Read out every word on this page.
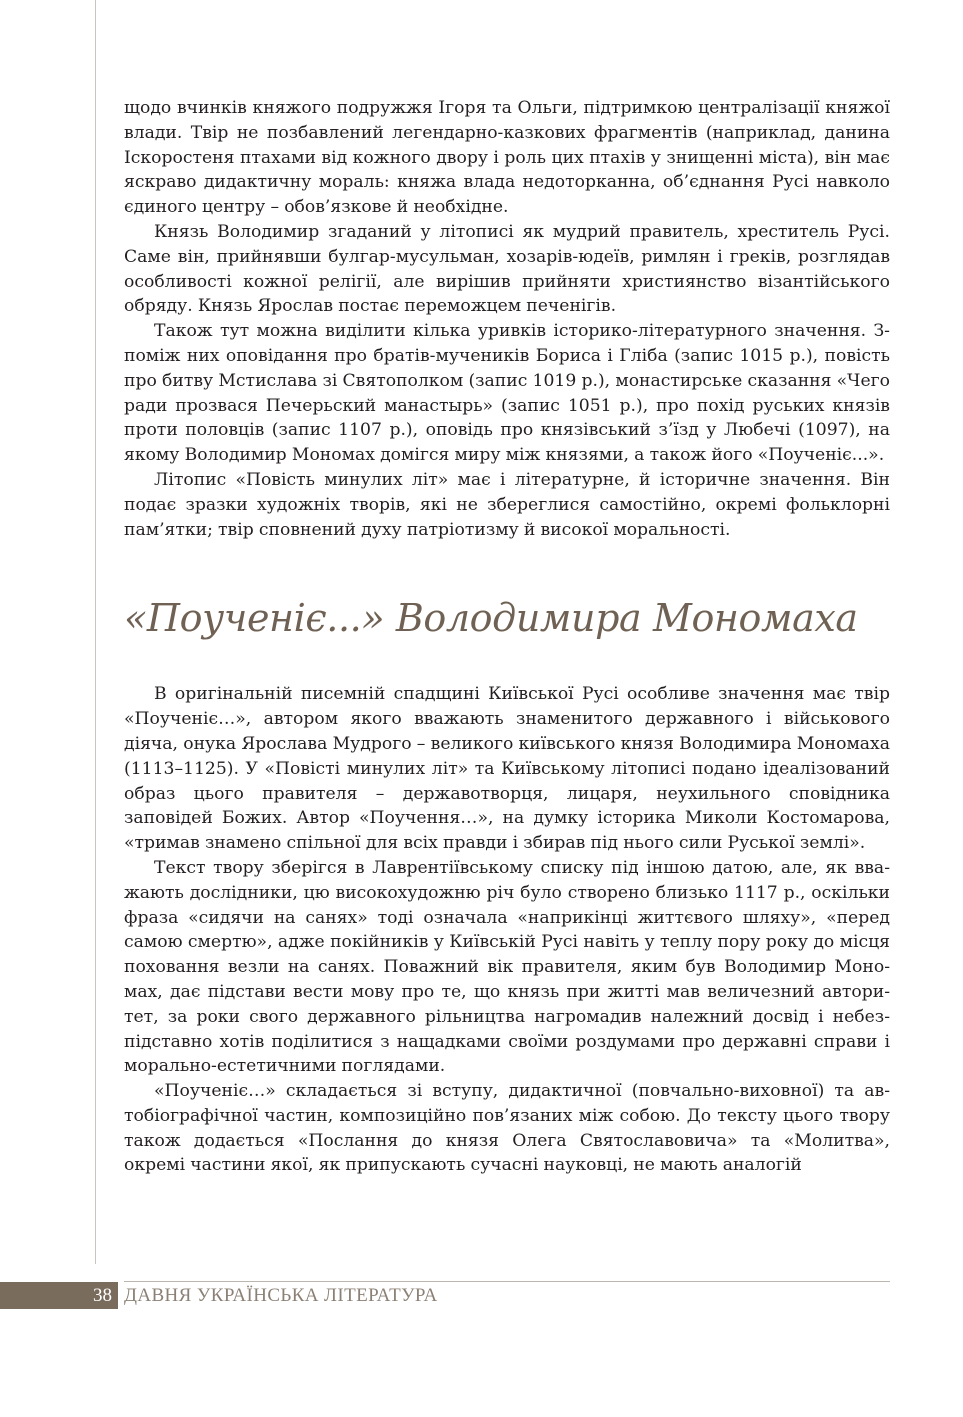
щодо вчинків княжого подружжя Ігоря та Ольги, підтримкою централізації княжої влади. Твір не позбавлений легендарно-казкових фрагментів (наприклад, данина Іскоростеня птахами від кожного двору і роль цих птахів у знищенні міста), він має яскраво дидактичну мораль: княжа влада недоторканна, об’єднання Русі навколо єдиного центру – обов’язкове й необхідне.

Князь Володимир згаданий у літописі як мудрий правитель, хреститель Русі. Саме він, прийнявши булгар-мусульман, хозарів-юдеїв, римлян і греків, розглядав особливості кожної релігії, але вирішив прийняти християнство візантійського обряду. Князь Ярослав постає переможцем печенігів.

Також тут можна виділити кілька уривків історико-літературного значення. З-поміж них оповідання про братів-мучеників Бориса і Гліба (запис 1015 р.), повість про битву Мстислава зі Святополком (запис 1019 р.), монастирське сказання «Чего ради прозвася Печерьский манастырь» (запис 1051 р.), про похід руських князів проти половців (запис 1107 р.), оповідь про князівський з’їзд у Любечі (1097), на якому Володимир Мономах домігся миру між князями, а також його «Поученіє...».

Літопис «Повість минулих літ» має і літературне, й історичне значення. Він подає зразки художніх творів, які не збереглися самостійно, окремі фольклорні пам’ятки; твір сповнений духу патріотизму й високої моральності.

«Поученіє...» Володимира Мономаха

В оригінальній писемній спадщині Київської Русі особливе значення має твір «Поученіє…», автором якого вважають знаменитого державного і військового діяча, онука Ярослава Мудрого – великого київського князя Володимира Мономаха (1113–1125). У «Повісті минулих літ» та Київському літописі подано ідеалізований образ цього правителя – державотворця, лицаря, неухильного сповідника заповідей Божих. Автор «Поучення…», на думку історика Миколи Костомарова, «тримав знамено спільної для всіх правди і збирав під нього сили Руської землі».

Текст твору зберігся в Лаврентіївському списку під іншою датою, але, як вважають дослідники, цю високохудожню річ було створено близько 1117 р., оскільки фраза «сидячи на санях» тоді означала «наприкінці життєвого шляху», «перед самою смертю», адже покійників у Київській Русі навіть у теплу пору року до місця поховання везли на санях. Поважний вік правителя, яким був Володимир Мономах, дає підстави вести мову про те, що князь при житті мав величезний авторитет, за роки свого державного рільництва нагромадив належний досвід і небезпідставно хотів поділитися з нащадками своїми роздумами про державні справи і морально-естетичними поглядами.

«Поученіє…» складається зі вступу, дидактичної (повчально-виховної) та автобіографічної частин, композиційно пов’язаних між собою. До тексту цього твору також додається «Послання до князя Олега Святославовича» та «Молитва», окремі частини якої, як припускають сучасні науковці, не мають аналогій

38 ДАВНЯ УКРАЇНСЬКА ЛІТЕРАТУРА
